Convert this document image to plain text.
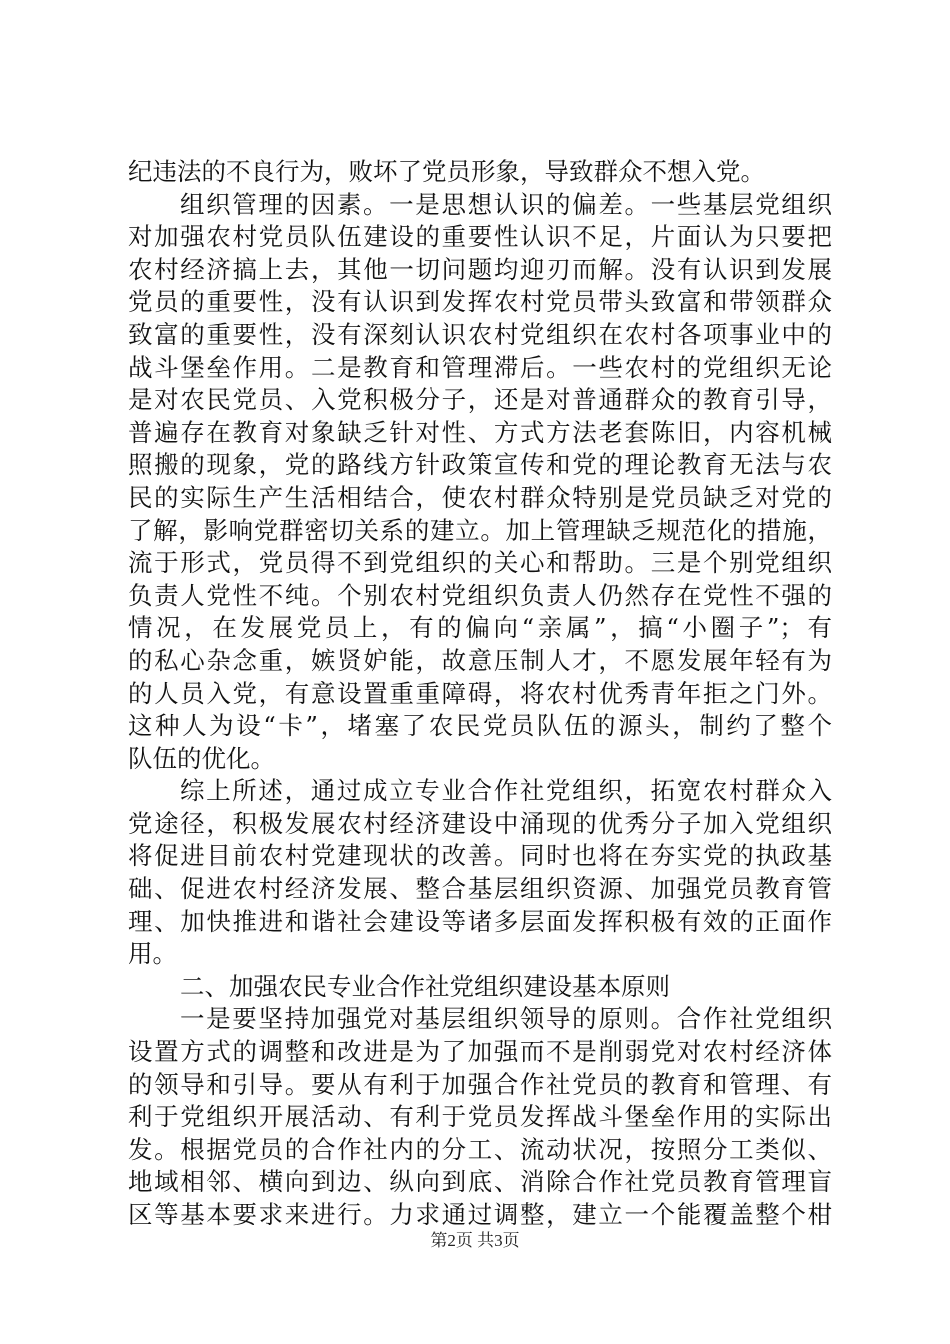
纪违法的不良行为，败坏了党员形象，导致群众不想入党。
组织管理的因素。一是思想认识的偏差。一些基层党组织
对加强农村党员队伍建设的重要性认识不足，片面认为只要把
农村经济搞上去，其他一切问题均迎刃而解。没有认识到发展
党员的重要性，没有认识到发挥农村党员带头致富和带领群众
致富的重要性，没有深刻认识农村党组织在农村各项事业中的
战斗堡垒作用。二是教育和管理滞后。一些农村的党组织无论
是对农民党员、入党积极分子，还是对普通群众的教育引导，
普遍存在教育对象缺乏针对性、方式方法老套陈旧，内容机械
照搬的现象，党的路线方针政策宣传和党的理论教育无法与农
民的实际生产生活相结合，使农村群众特别是党员缺乏对党的
了解，影响党群密切关系的建立。加上管理缺乏规范化的措施，
流于形式，党员得不到党组织的关心和帮助。三是个别党组织
负责人党性不纯。个别农村党组织负责人仍然存在党性不强的
情况，在发展党员上，有的偏向“亲属”，搞“小圈子”；有
的私心杂念重，嫉贤妒能，故意压制人才，不愿发展年轻有为
的人员入党，有意设置重重障碍，将农村优秀青年拒之门外。
这种人为设“卡”，堵塞了农民党员队伍的源头，制约了整个
队伍的优化。
综上所述，通过成立专业合作社党组织，拓宽农村群众入
党途径，积极发展农村经济建设中涌现的优秀分子加入党组织
将促进目前农村党建现状的改善。同时也将在夯实党的执政基
础、促进农村经济发展、整合基层组织资源、加强党员教育管
理、加快推进和谐社会建设等诸多层面发挥积极有效的正面作
用。
二、加强农民专业合作社党组织建设基本原则
一是要坚持加强党对基层组织领导的原则。合作社党组织
设置方式的调整和改进是为了加强而不是削弱党对农村经济体
的领导和引导。要从有利于加强合作社党员的教育和管理、有
利于党组织开展活动、有利于党员发挥战斗堡垒作用的实际出
发。根据党员的合作社内的分工、流动状况，按照分工类似、
地域相邻、横向到边、纵向到底、消除合作社党员教育管理盲
区等基本要求来进行。力求通过调整，建立一个能覆盖整个柑
第2页 共3页
